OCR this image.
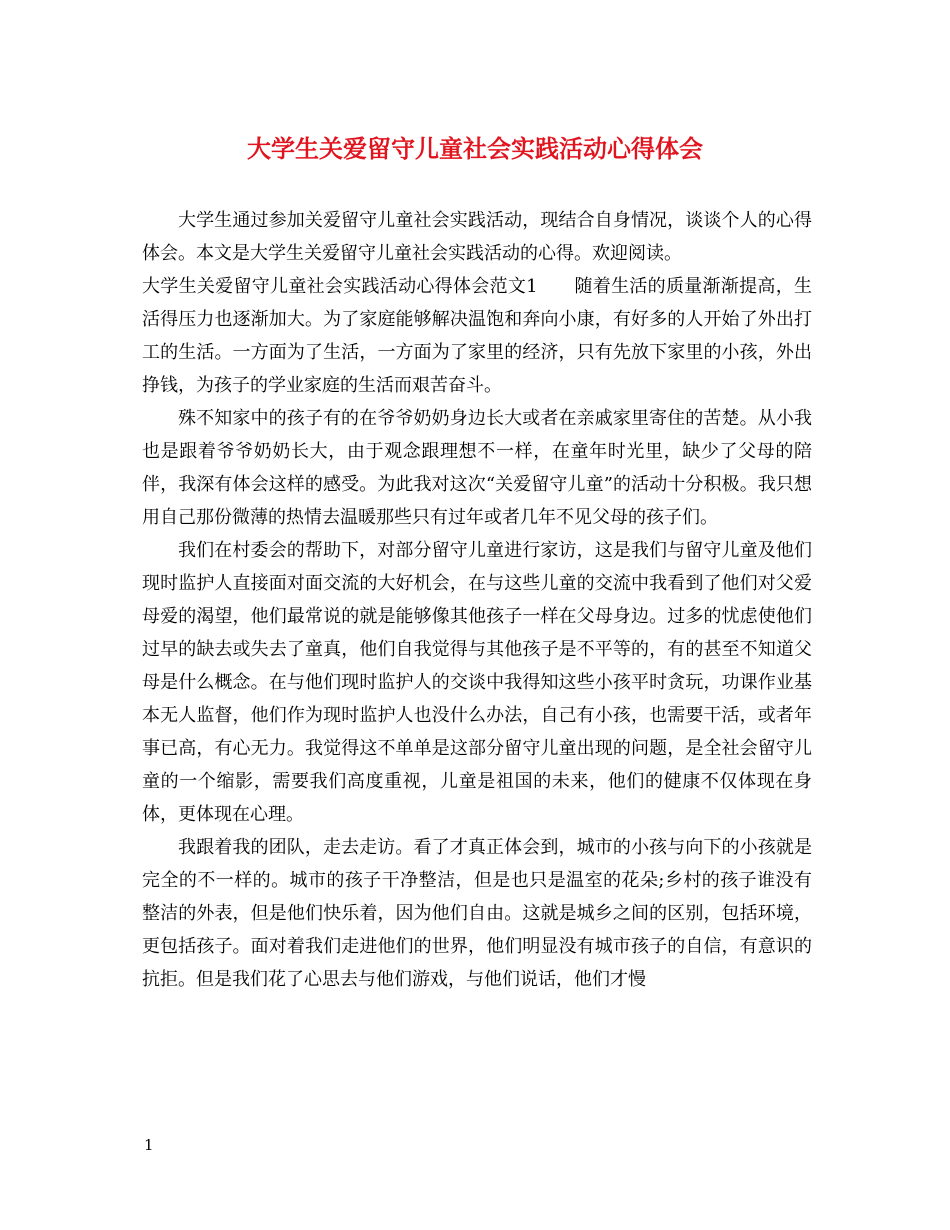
大学生关爱留守儿童社会实践活动心得体会

大学生通过参加关爱留守儿童社会实践活动，现结合自身情况，谈谈个人的心得体会。本文是大学生关爱留守儿童社会实践活动的心得。欢迎阅读。

大学生关爱留守儿童社会实践活动心得体会范文1　　随着生活的质量渐渐提高，生活得压力也逐渐加大。为了家庭能够解决温饱和奔向小康，有好多的人开始了外出打工的生活。一方面为了生活，一方面为了家里的经济，只有先放下家里的小孩，外出挣钱，为孩子的学业家庭的生活而艰苦奋斗。

殊不知家中的孩子有的在爷爷奶奶身边长大或者在亲戚家里寄住的苦楚。从小我也是跟着爷爷奶奶长大，由于观念跟理想不一样，在童年时光里，缺少了父母的陪伴，我深有体会这样的感受。为此我对这次“关爱留守儿童”的活动十分积极。我只想用自己那份微薄的热情去温暖那些只有过年或者几年不见父母的孩子们。

我们在村委会的帮助下，对部分留守儿童进行家访，这是我们与留守儿童及他们现时监护人直接面对面交流的大好机会，在与这些儿童的交流中我看到了他们对父爱母爱的渴望，他们最常说的就是能够像其他孩子一样在父母身边。过多的忧虑使他们过早的缺去或失去了童真，他们自我觉得与其他孩子是不平等的，有的甚至不知道父母是什么概念。在与他们现时监护人的交谈中我得知这些小孩平时贪玩，功课作业基本无人监督，他们作为现时监护人也没什么办法，自己有小孩，也需要干活，或者年事已高，有心无力。我觉得这不单单是这部分留守儿童出现的问题，是全社会留守儿童的一个缩影，需要我们高度重视，儿童是祖国的未来，他们的健康不仅体现在身体，更体现在心理。

我跟着我的团队，走去走访。看了才真正体会到，城市的小孩与向下的小孩就是完全的不一样的。城市的孩子干净整洁，但是也只是温室的花朵;乡村的孩子谁没有整洁的外表，但是他们快乐着，因为他们自由。这就是城乡之间的区别，包括环境，更包括孩子。面对着我们走进他们的世界，他们明显没有城市孩子的自信，有意识的抗拒。但是我们花了心思去与他们游戏，与他们说话，他们才慢

1
